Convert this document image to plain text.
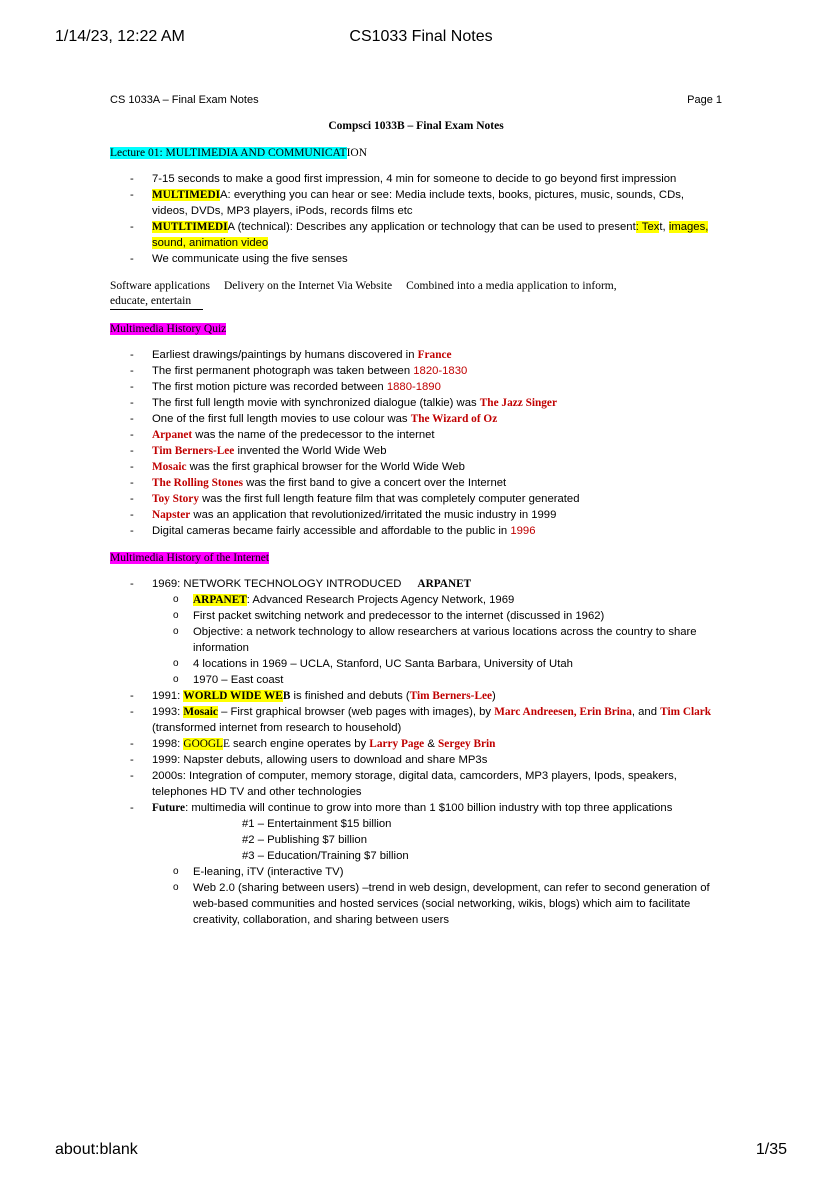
1/14/23, 12:22 AM	CS1033 Final Notes
CS 1033A – Final Exam Notes	Page 1
Compsci 1033B – Final Exam Notes
Lecture 01: MULTIMEDIA AND COMMUNICATION
- 7-15 seconds to make a good first impression, 4 min for someone to decide to go beyond first impression
- MULTIMEDIA: everything you can hear or see: Media include texts, books, pictures, music, sounds, CDs, videos, DVDs, MP3 players, iPods, records films etc
- MUTLTIMEDIA (technical): Describes any application or technology that can be used to present: Text, images, sound, animation video
- We communicate using the five senses
Software applications Delivery on the Internet Via Website Combined into a media application to inform,
educate, entertain
Multimedia History Quiz
- Earliest drawings/paintings by humans discovered in France
- The first permanent photograph was taken between 1820-1830
- The first motion picture was recorded between 1880-1890
- The first full length movie with synchronized dialogue (talkie) was The Jazz Singer
- One of the first full length movies to use colour was The Wizard of Oz
- Arpanet was the name of the predecessor to the internet
- Tim Berners-Lee invented the World Wide Web
- Mosaic was the first graphical browser for the World Wide Web
- The Rolling Stones was the first band to give a concert over the Internet
- Toy Story was the first full length feature film that was completely computer generated
- Napster was an application that revolutionized/irritated the music industry in 1999
- Digital cameras became fairly accessible and affordable to the public in 1996
Multimedia History of the Internet
- 1969: NETWORK TECHNOLOGY INTRODUCED ARPANET
o ARPANET: Advanced Research Projects Agency Network, 1969
o First packet switching network and predecessor to the internet (discussed in 1962)
o Objective: a network technology to allow researchers at various locations across the country to share information
o 4 locations in 1969 – UCLA, Stanford, UC Santa Barbara, University of Utah
o 1970 – East coast
- 1991: WORLD WIDE WEB is finished and debuts (Tim Berners-Lee)
- 1993: Mosaic – First graphical browser (web pages with images), by Marc Andreesen, Erin Brina, and Tim Clark (transformed internet from research to household)
- 1998: GOOGLE search engine operates by Larry Page & Sergey Brin
- 1999: Napster debuts, allowing users to download and share MP3s
- 2000s: Integration of computer, memory storage, digital data, camcorders, MP3 players, Ipods, speakers, telephones HD TV and other technologies
- Future: multimedia will continue to grow into more than 1 $100 billion industry with top three applications
#1 – Entertainment $15 billion
#2 – Publishing $7 billion
#3 – Education/Training $7 billion
o E-leaning, iTV (interactive TV)
o Web 2.0 (sharing between users) –trend in web design, development, can refer to second generation of web-based communities and hosted services (social networking, wikis, blogs) which aim to facilitate creativity, collaboration, and sharing between users
about:blank	1/35
